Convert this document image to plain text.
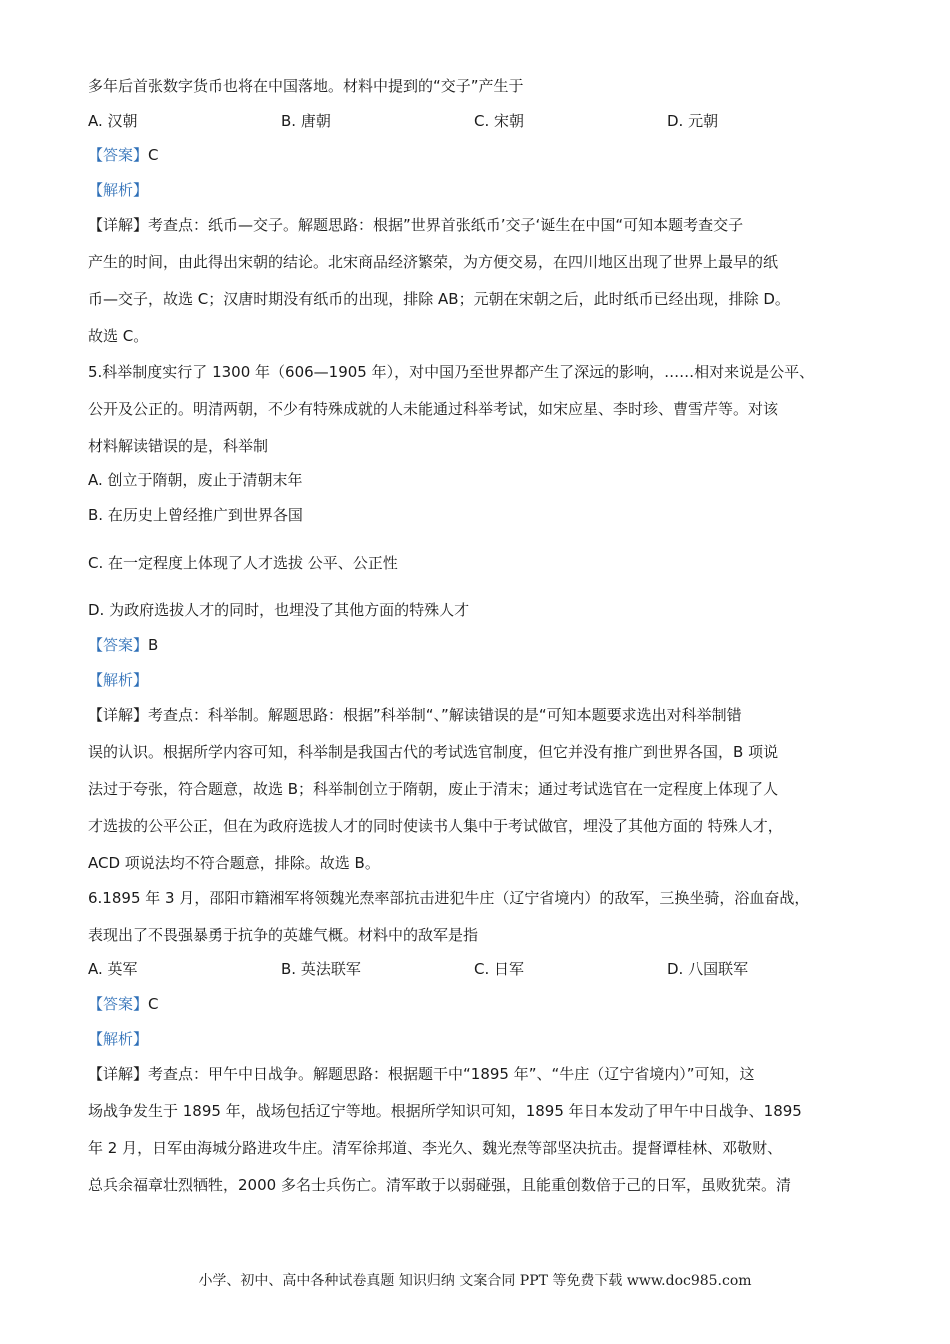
多年后首张数字货币也将在中国落地。材料中提到的“交子”产生于

A. 汉朝	B. 唐朝	C. 宋朝	D. 元朝

【答案】C

【解析】

【详解】考查点：纸币—交子。解题思路：根据”世界首张纸币’交子‘诞生在中国“可知本题考查交子

产生的时间，由此得出宋朝的结论。北宋商品经济繁荣，为方便交易，在四川地区出现了世界上最早的纸

币—交子，故选 C；汉唐时期没有纸币的出现，排除 AB；元朝在宋朝之后，此时纸币已经出现，排除 D。

故选 C。

5.科举制度实行了 1300 年（606—1905 年），对中国乃至世界都产生了深远的影响，……相对来说是公平、

公开及公正的。明清两朝，不少有特殊成就的人未能通过科举考试，如宋应星、李时珍、曹雪芹等。对该

材料解读错误的是，科举制

A. 创立于隋朝，废止于清朝末年

B. 在历史上曾经推广到世界各国

C. 在一定程度上体现了人才选拔 公平、公正性

D. 为政府选拔人才的同时，也埋没了其他方面的特殊人才

【答案】B

【解析】

【详解】考查点：科举制。解题思路：根据”科举制“、”解读错误的是“可知本题要求选出对科举制错

误的认识。根据所学内容可知，科举制是我国古代的考试选官制度，但它并没有推广到世界各国，B 项说

法过于夸张，符合题意，故选 B；科举制创立于隋朝，废止于清末；通过考试选官在一定程度上体现了人

才选拔的公平公正，但在为政府选拔人才的同时使读书人集中于考试做官，埋没了其他方面的 特殊人才，

ACD 项说法均不符合题意，排除。故选 B。

6.1895 年 3 月，邵阳市籍湘军将领魏光焘率部抗击进犯牛庄（辽宁省境内）的敌军，三换坐骑，浴血奋战，

表现出了不畏强暴勇于抗争的英雄气概。材料中的敌军是指

A. 英军	B. 英法联军	C. 日军	D. 八国联军

【答案】C

【解析】

【详解】考查点：甲午中日战争。解题思路：根据题干中“1895 年”、“牛庄（辽宁省境内）”可知，这

场战争发生于 1895 年，战场包括辽宁等地。根据所学知识可知，1895 年日本发动了甲午中日战争、1895

年 2 月，日军由海城分路进攻牛庄。清军徐邦道、李光久、魏光焘等部坚决抗击。提督谭桂林、邓敬财、

总兵余福章壮烈牺牲，2000 多名士兵伤亡。清军敢于以弱碰强，且能重创数倍于己的日军，虽败犹荣。清

小学、初中、高中各种试卷真题 知识归纳 文案合同 PPT 等免费下载 www.doc985.com
